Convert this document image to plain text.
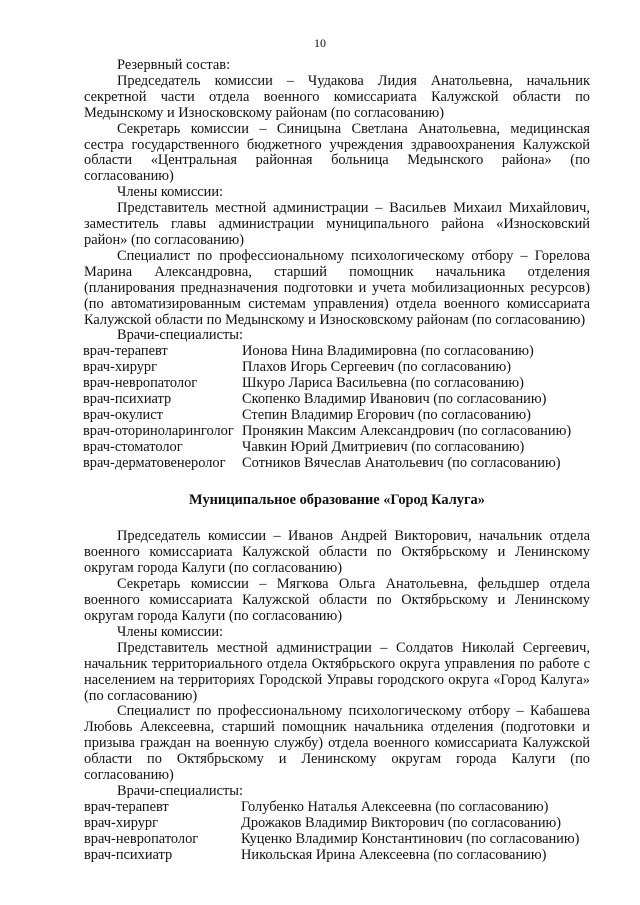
10

Резервный состав:

Председатель комиссии – Чудакова Лидия Анатольевна, начальник секретной части отдела военного комиссариата Калужской области по Медынскому и Износковскому районам (по согласованию)

Секретарь комиссии – Синицына Светлана Анатольевна, медицинская сестра государственного бюджетного учреждения здравоохранения Калужской области «Центральная районная больница Медынского района» (по согласованию)

Члены комиссии:

Представитель местной администрации – Васильев Михаил Михайлович, заместитель главы администрации муниципального района «Износковский район» (по согласованию)

Специалист по профессиональному психологическому отбору – Горелова Марина Александровна, старший помощник начальника отделения (планирования предназначения подготовки и учета мобилизационных ресурсов) (по автоматизированным системам управления) отдела военного комиссариата Калужской области по Медынскому и Износковскому районам (по согласованию)

Врачи-специалисты:

врач-терапевт	Ионова Нина Владимировна (по согласованию)
врач-хирург	Плахов Игорь Сергеевич (по согласованию)
врач-невропатолог	Шкуро Лариса Васильевна (по согласованию)
врач-психиатр	Скопенко Владимир Иванович (по согласованию)
врач-окулист	Степин Владимир Егорович (по согласованию)
врач-оториноларинголог Пронякин Максим Александрович (по согласованию)
врач-стоматолог	Чавкин Юрий Дмитриевич (по согласованию)
врач-дерматовенеролог	Сотников Вячеслав Анатольевич (по согласованию)

Муниципальное образование «Город Калуга»

Председатель комиссии – Иванов Андрей Викторович, начальник отдела военного комиссариата Калужской области по Октябрьскому и Ленинскому округам города Калуги (по согласованию)

Секретарь комиссии – Мягкова Ольга Анатольевна, фельдшер отдела военного комиссариата Калужской области по Октябрьскому и Ленинскому округам города Калуги (по согласованию)

Члены комиссии:

Представитель местной администрации – Солдатов Николай Сергеевич, начальник территориального отдела Октябрьского округа управления по работе с населением на территориях Городской Управы городского округа «Город Калуга» (по согласованию)

Специалист по профессиональному психологическому отбору – Кабашева Любовь Алексеевна, старший помощник начальника отделения (подготовки и призыва граждан на военную службу) отдела военного комиссариата Калужской области по Октябрьскому и Ленинскому округам города Калуги (по согласованию)

Врачи-специалисты:

врач-терапевт	Голубенко Наталья Алексеевна (по согласованию)
врач-хирург	Дрожаков Владимир Викторович (по согласованию)
врач-невропатолог	Куценко Владимир Константинович (по согласованию)
врач-психиатр	Никольская Ирина Алексеевна (по согласованию)
